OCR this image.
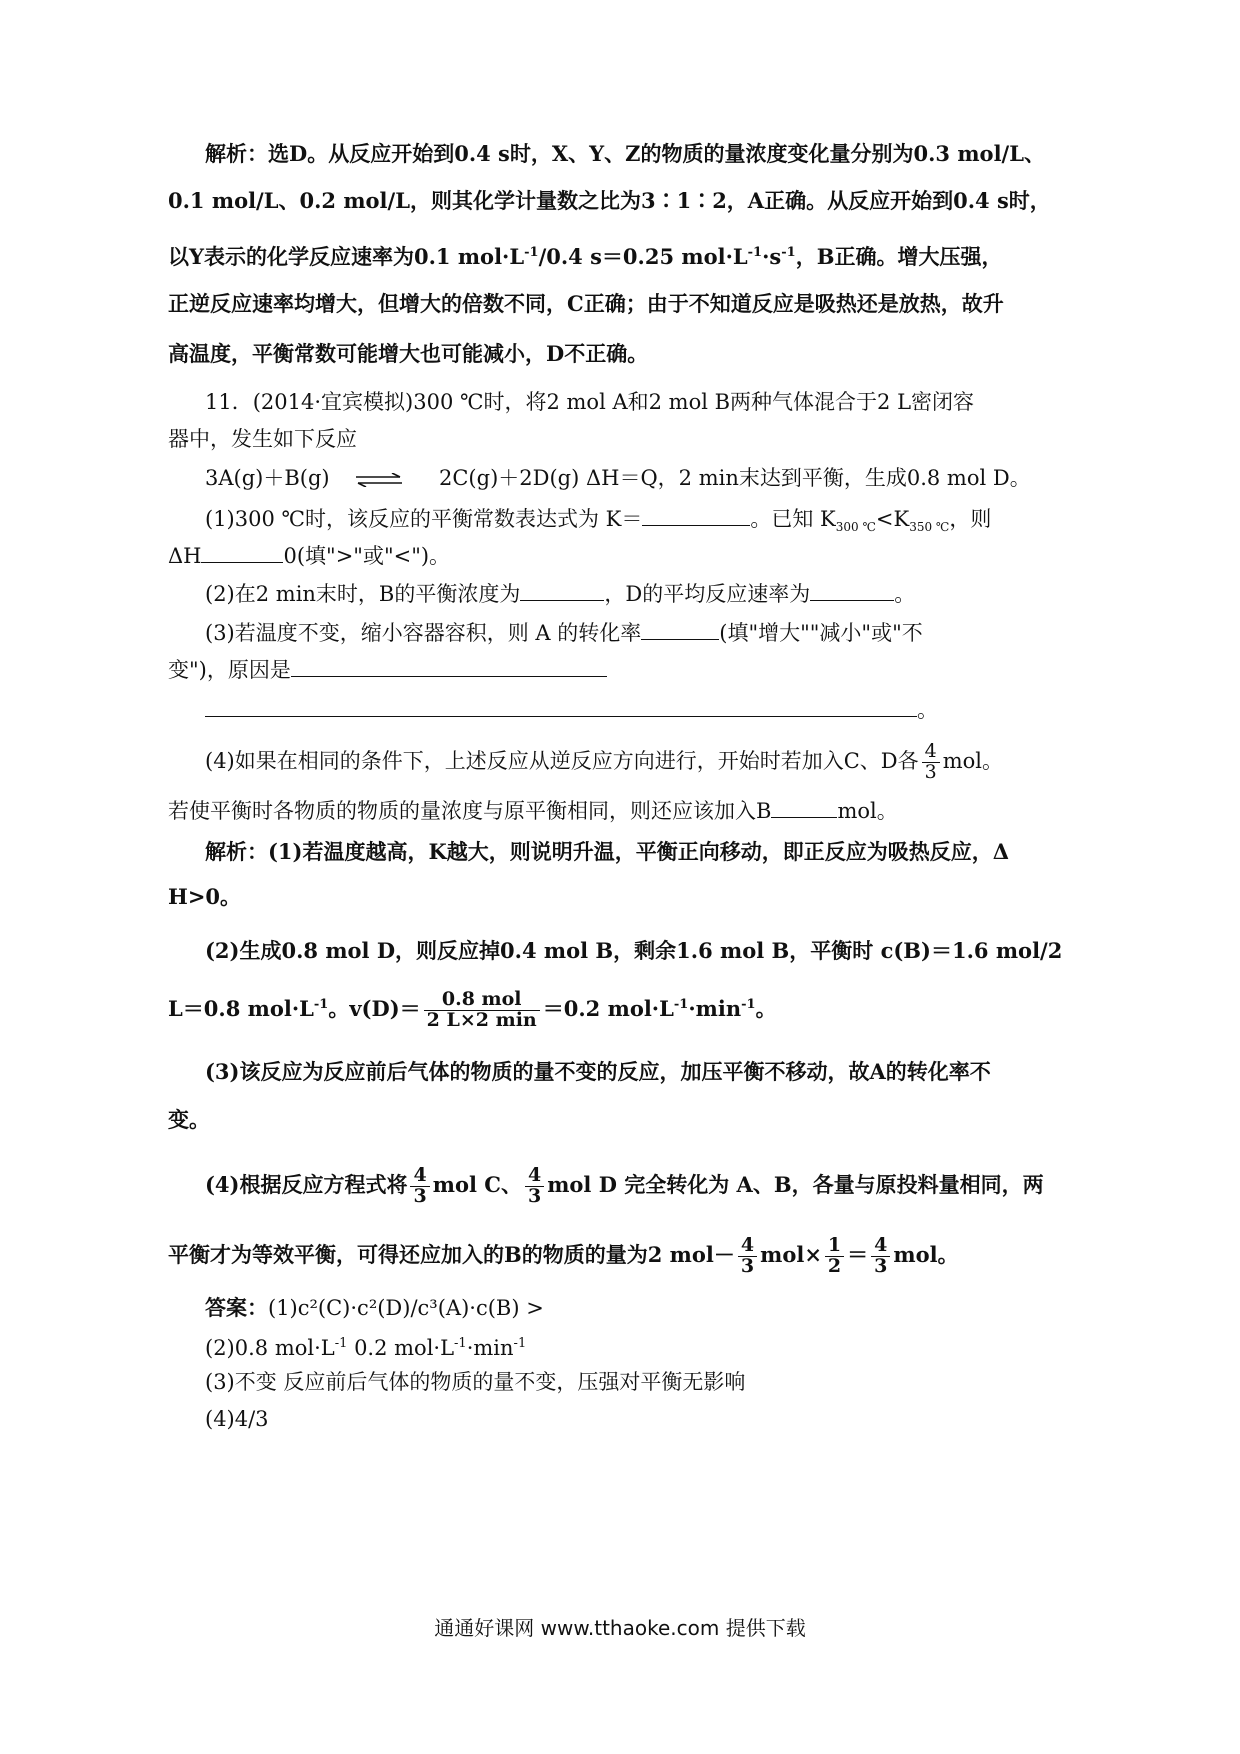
解析：选D。从反应开始到0.4 s时，X、Y、Z的物质的量浓度变化量分别为0.3 mol/L、
0.1 mol/L、0.2 mol/L，则其化学计量数之比为3∶1∶2，A正确。从反应开始到0.4 s时，
以Y表示的化学反应速率为0.1 $mol\cdot L^{-1}/0.4$ s＝0.25 $mol\cdot L^{-1}\cdot s^{-1}$，B正确。增大压强，
正逆反应速率均增大，但增大的倍数不同，C正确；由于不知道反应是吸热还是放热，故升
高温度，平衡常数可能增大也可能减小，D不正确。
11．(2014·宜宾模拟)300 ℃时，将2 mol A和2 mol B两种气体混合于2 L密闭容
器中，发生如下反应
3A(g)＋B(g) ⇌ 2C(g)＋2D(g) ΔH＝Q，2 min末达到平衡，生成0.8 mol D。
(1)300 ℃时，该反应的平衡常数表达式为 K＝	。已知 $K_{300 ℃}<K_{350 ℃}$，则
ΔH	0(填">"或"<")。
(2)在2 min末时，B的平衡浓度为	，D的平均反应速率为	。
(3)若温度不变，缩小容器容积，则 A 的转化率	(填"增大""减小"或"不
变")，原因是
。
(4)如果在相同的条件下，上述反应从逆反应方向进行，开始时若加入C、D各 $\frac{4}{3}$ mol。
若使平衡时各物质的物质的量浓度与原平衡相同，则还应该加入B	mol。
解析：(1)若温度越高，K越大，则说明升温，平衡正向移动，即正反应为吸热反应，Δ
H>0。
(2)生成0.8 mol D，则反应掉0.4 mol B，剩余1.6 mol B，平衡时 c(B)＝1.6 mol/2
L＝0.8 $mol\cdot L^{-1}$。$v(D)= \frac{\text{0.8 mol}}{2 L\times 2 \min} =0.2$ $mol\cdot L^{-1}\cdot\min^{-1}$。
(3)该反应为反应前后气体的物质的量不变的反应，加压平衡不移动，故A的转化率不
变。
(4)根据反应方程式将 $\frac{4}{3}$ mol C、 $\frac{4}{3}$ mol D 完全转化为 A、B，各量与原投料量相同，两
平衡才为等效平衡，可得还应加入的B的物质的量为2 $mol- \frac{4}{3} mol\times \frac{1}{2} = \frac{4}{3}$ mol。
答案：(1)c²(C)·c²(D)/c³(A)·c(B) >
(2)0.8 $mol\cdot L^{-1}$ 0.2 $mol\cdot L^{-1}\cdot\min^{-1}$
(3)不变 反应前后气体的物质的量不变，压强对平衡无影响
(4)4/3
通通好课网 www.tthaoke.com 提供下载
